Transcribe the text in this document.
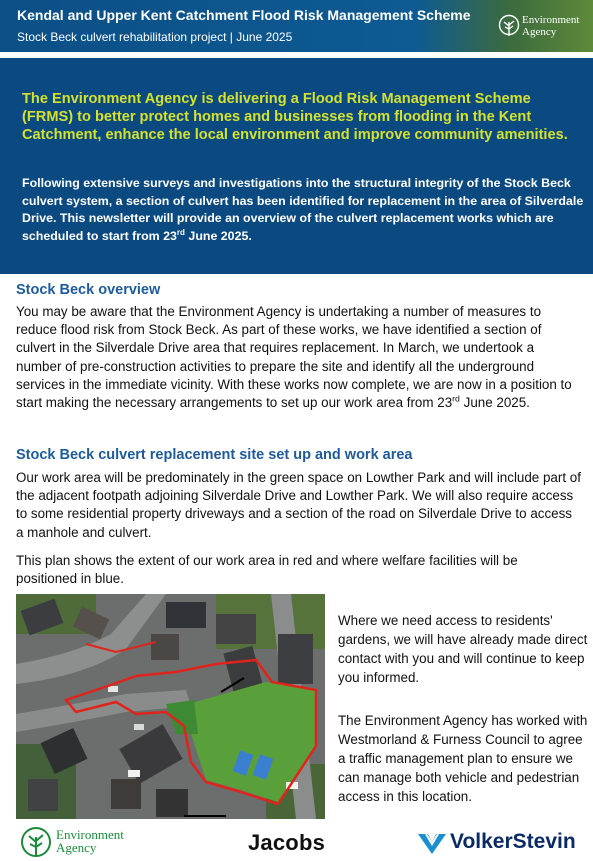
Kendal and Upper Kent Catchment Flood Risk Management Scheme
Stock Beck culvert rehabilitation project | June 2025
Environment
Agency
The Environment Agency is delivering a Flood Risk Management Scheme (FRMS) to better protect homes and businesses from flooding in the Kent Catchment, enhance the local environment and improve community amenities.
Following extensive surveys and investigations into the structural integrity of the Stock Beck culvert system, a section of culvert has been identified for replacement in the area of Silverdale Drive. This newsletter will provide an overview of the culvert replacement works which are scheduled to start from 23rd June 2025.
Stock Beck overview
You may be aware that the Environment Agency is undertaking a number of measures to reduce flood risk from Stock Beck. As part of these works, we have identified a section of culvert in the Silverdale Drive area that requires replacement. In March, we undertook a number of pre-construction activities to prepare the site and identify all the underground services in the immediate vicinity. With these works now complete, we are now in a position to start making the necessary arrangements to set up our work area from 23rd June 2025.
Stock Beck culvert replacement site set up and work area
Our work area will be predominately in the green space on Lowther Park and will include part of the adjacent footpath adjoining Silverdale Drive and Lowther Park. We will also require access to some residential property driveways and a section of the road on Silverdale Drive to access a manhole and culvert.
This plan shows the extent of our work area in red and where welfare facilities will be positioned in blue.
Where we need access to residents' gardens, we will have already made direct contact with you and will continue to keep you informed.
The Environment Agency has worked with Westmorland & Furness Council to agree a traffic management plan to ensure we can manage both vehicle and pedestrian access in this location.
Environment
Agency	Jacobs	VolkerStevin
